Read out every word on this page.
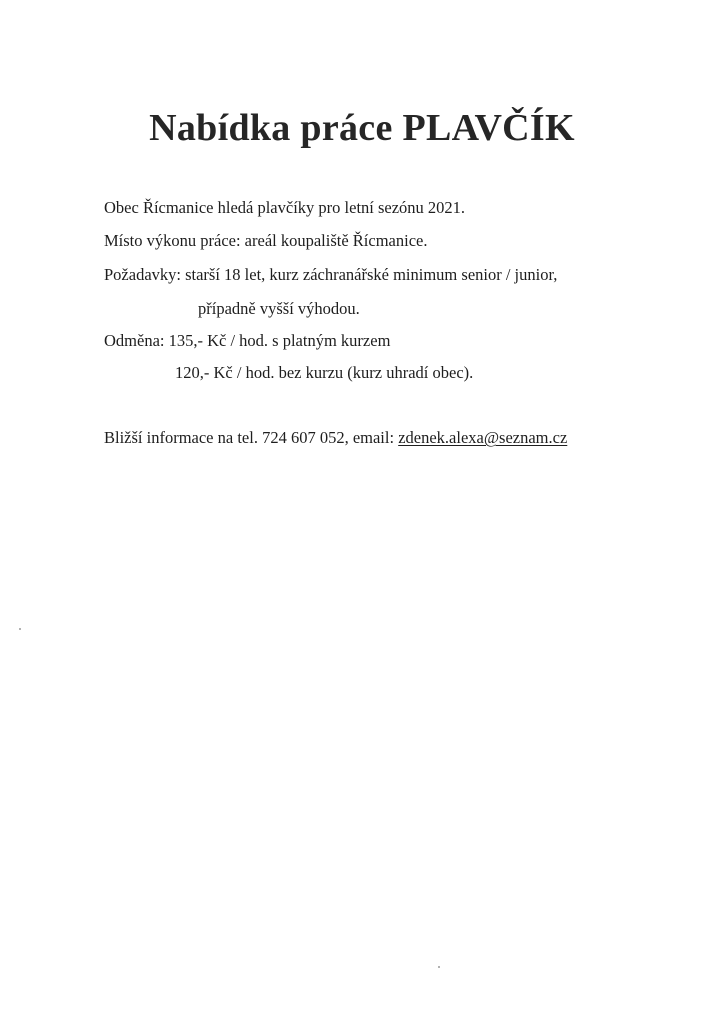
Nabídka práce PLAVČÍK

Obec Řícmanice hledá plavčíky pro letní sezónu 2021.

Místo výkonu práce: areál koupaliště Řícmanice.

Požadavky: starší 18 let, kurz záchranářské minimum senior / junior,

případně vyšší výhodou.

Odměna: 135,- Kč / hod. s platným kurzem

120,- Kč / hod. bez kurzu (kurz uhradí obec).

Bližší informace na tel. 724 607 052, email: zdenek.alexa@seznam.cz
